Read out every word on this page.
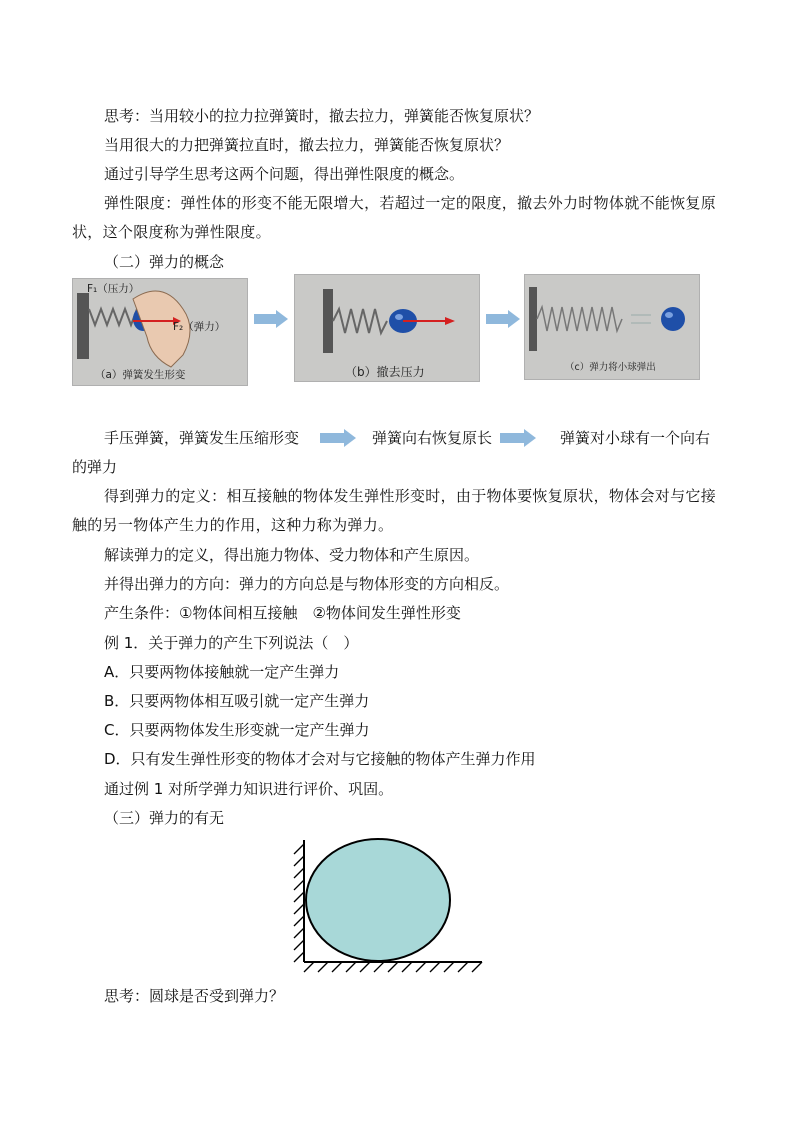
思考：当用较小的拉力拉弹簧时，撤去拉力，弹簧能否恢复原状？
当用很大的力把弹簧拉直时，撤去拉力，弹簧能否恢复原状？
通过引导学生思考这两个问题，得出弹性限度的概念。
弹性限度：弹性体的形变不能无限增大，若超过一定的限度，撤去外力时物体就不能恢复原状，这个限度称为弹性限度。
（二）弹力的概念
F₁（压力）
F₂（弹力）
（a）弹簧发生形变	（b）撤去压力	（c）弹力将小球弹出
手压弹簧，弹簧发生压缩形变	弹簧向右恢复原长	弹簧对小球有一个向右
的弹力
得到弹力的定义：相互接触的物体发生弹性形变时，由于物体要恢复原状，物体会对与它接触的另一物体产生力的作用，这种力称为弹力。
解读弹力的定义，得出施力物体、受力物体和产生原因。
并得出弹力的方向：弹力的方向总是与物体形变的方向相反。
产生条件：①物体间相互接触　②物体间发生弹性形变
例 1．关于弹力的产生下列说法（　）
A．只要两物体接触就一定产生弹力
B．只要两物体相互吸引就一定产生弹力
C．只要两物体发生形变就一定产生弹力
D．只有发生弹性形变的物体才会对与它接触的物体产生弹力作用
通过例 1 对所学弹力知识进行评价、巩固。
（三）弹力的有无
思考：圆球是否受到弹力？
